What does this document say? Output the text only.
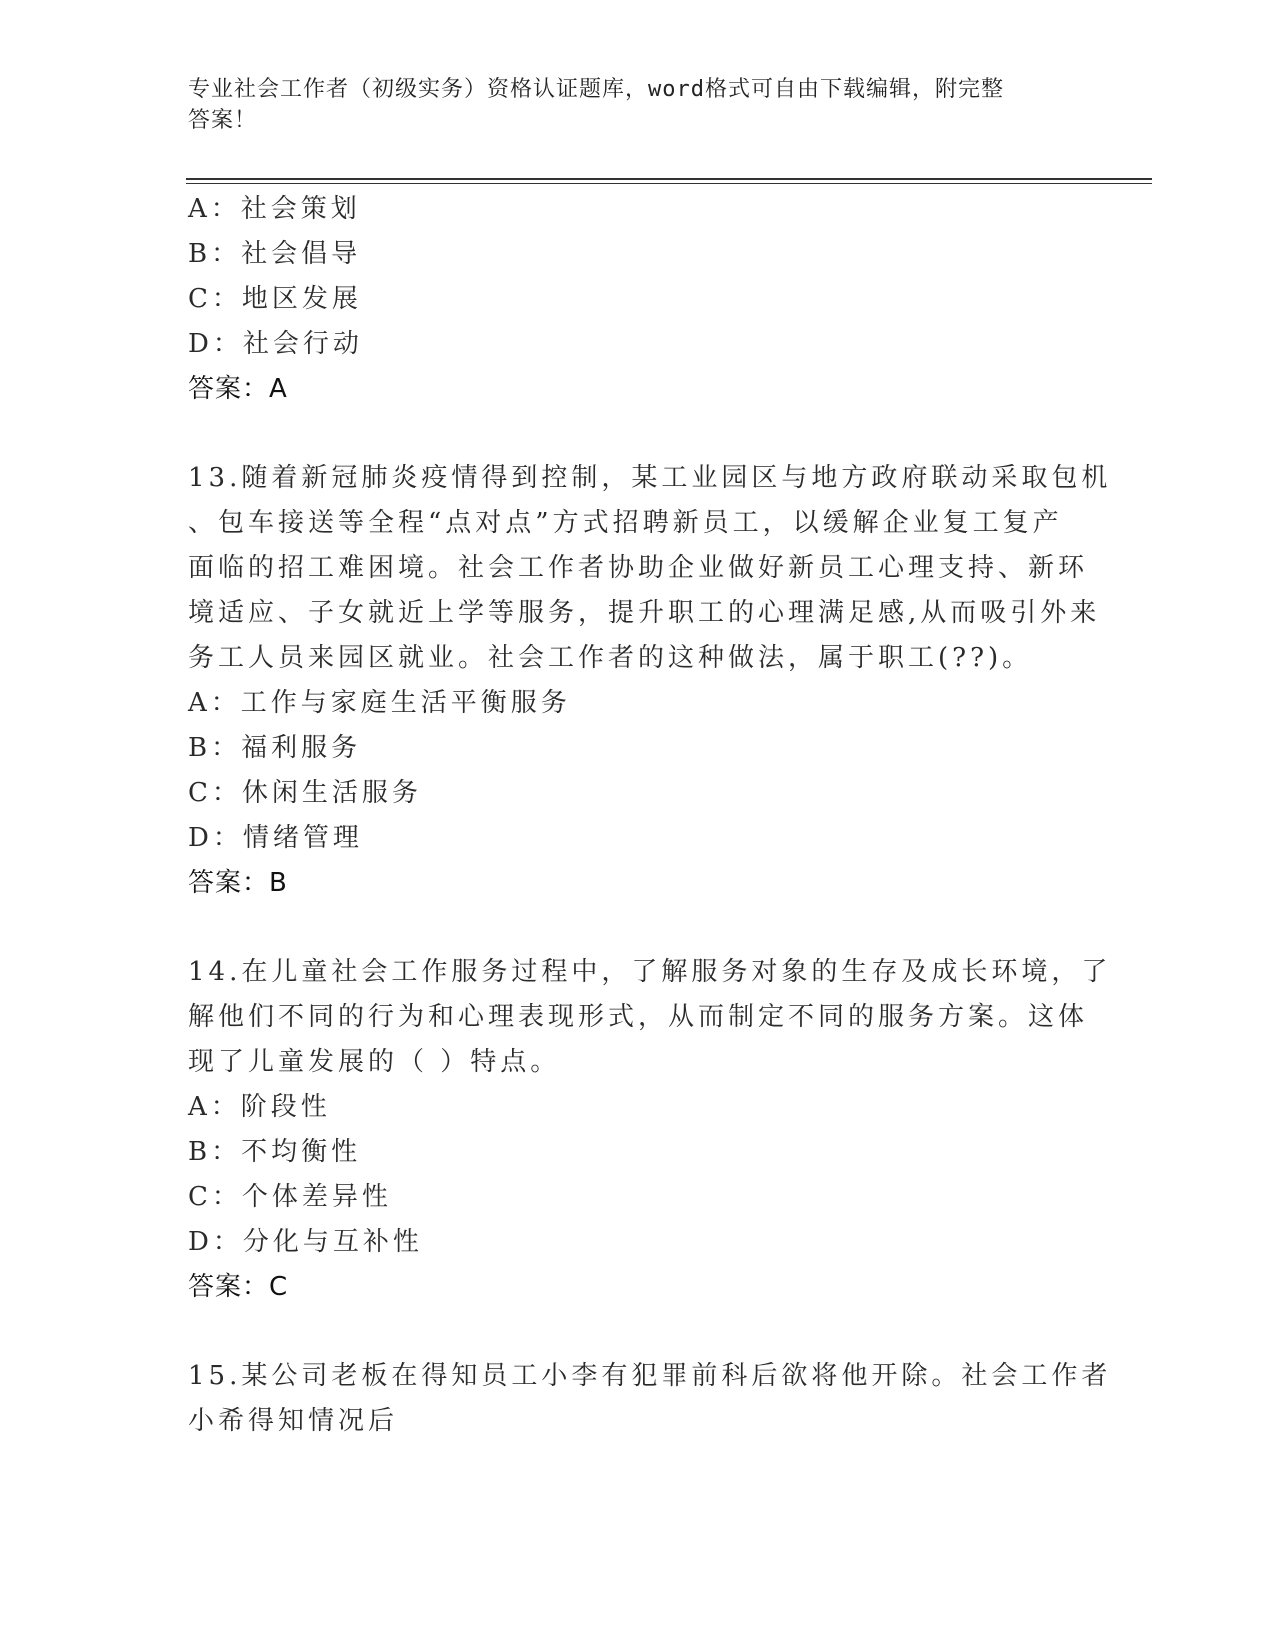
专业社会工作者（初级实务）资格认证题库，word格式可自由下载编辑，附完整
答案！
A：社会策划
B：社会倡导
C：地区发展
D：社会行动
答案：A
13.随着新冠肺炎疫情得到控制，某工业园区与地方政府联动采取包机
、包车接送等全程“点对点”方式招聘新员工，以缓解企业复工复产
面临的招工难困境。社会工作者协助企业做好新员工心理支持、新环
境适应、子女就近上学等服务，提升职工的心理满足感,从而吸引外来
务工人员来园区就业。社会工作者的这种做法，属于职工(??)。
A：工作与家庭生活平衡服务
B：福利服务
C：休闲生活服务
D：情绪管理
答案：B
14.在儿童社会工作服务过程中，了解服务对象的生存及成长环境，了
解他们不同的行为和心理表现形式，从而制定不同的服务方案。这体
现了儿童发展的（ ）特点。
A：阶段性
B：不均衡性
C：个体差异性
D：分化与互补性
答案：C
15.某公司老板在得知员工小李有犯罪前科后欲将他开除。社会工作者
小希得知情况后
